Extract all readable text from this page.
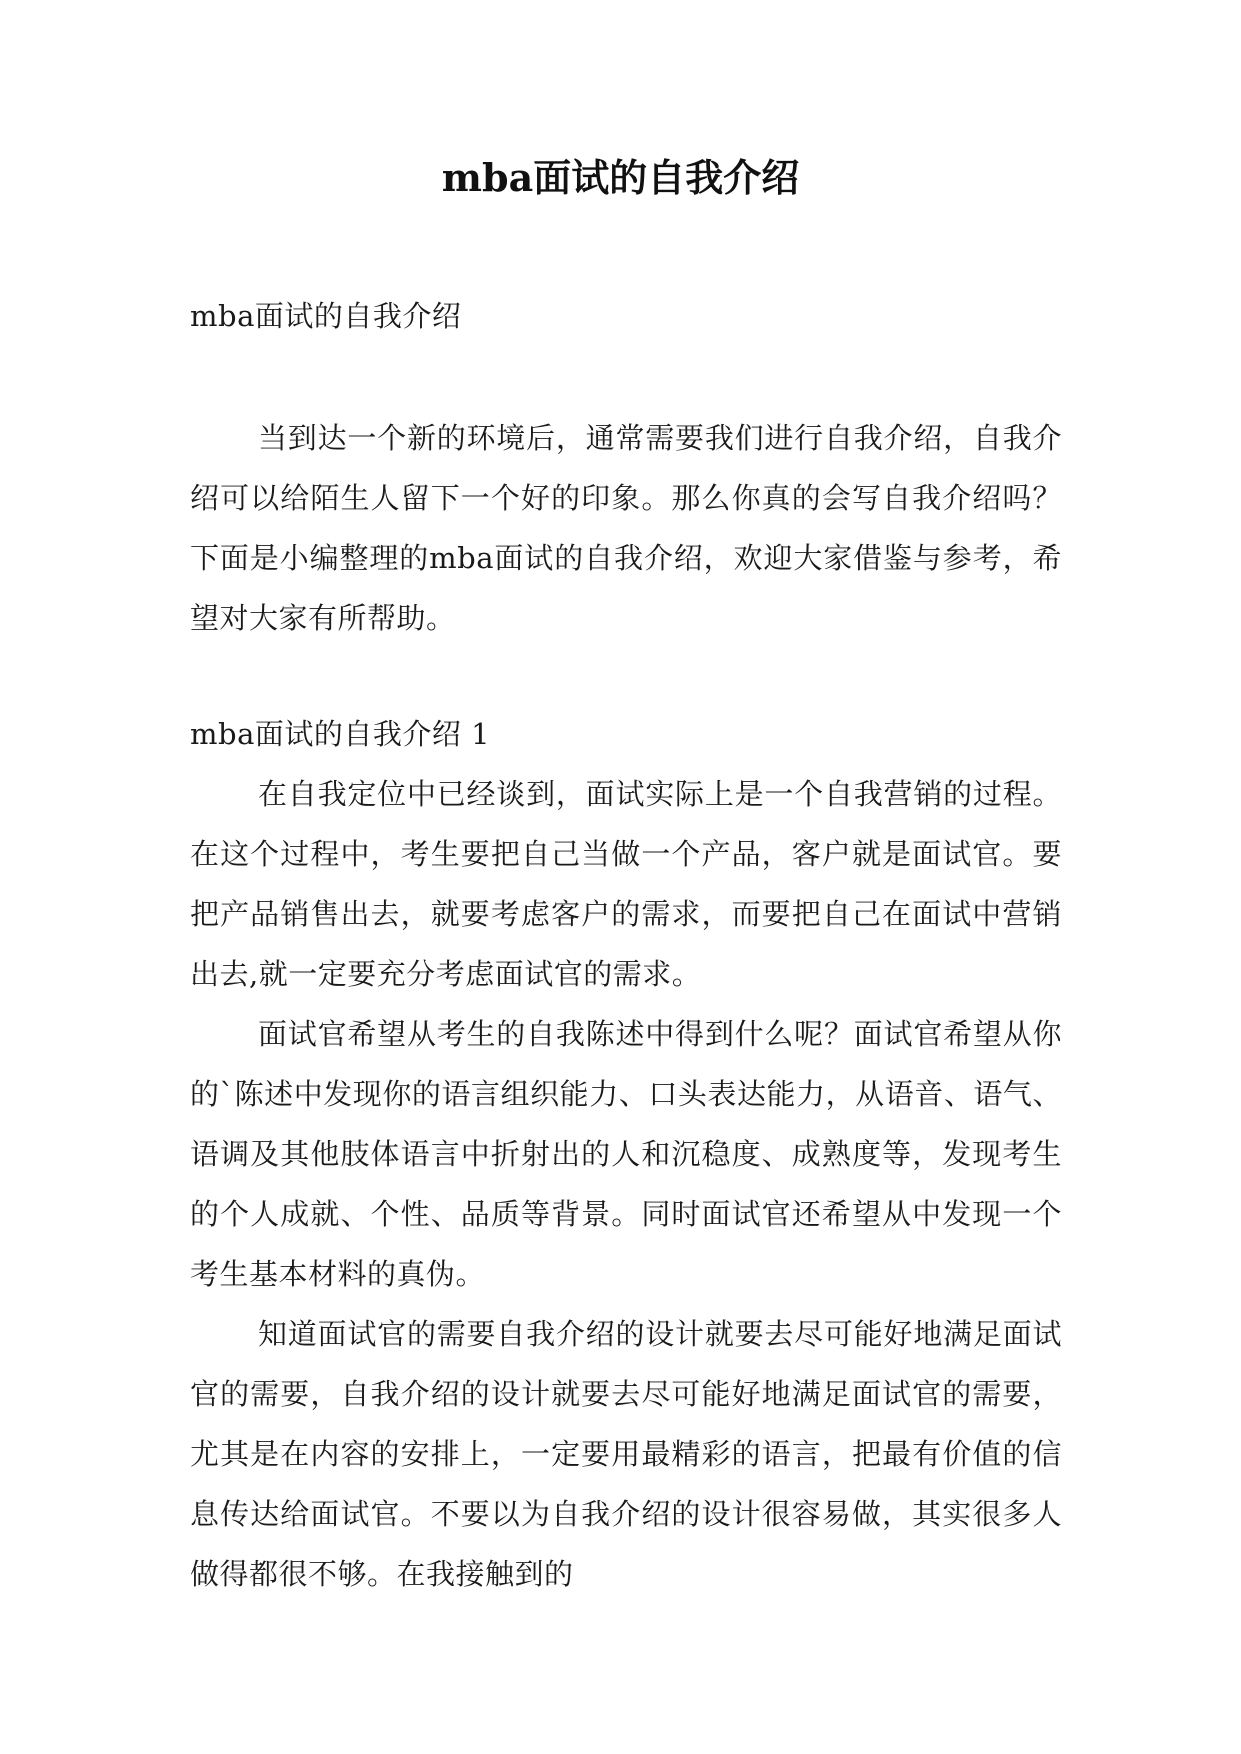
mba面试的自我介绍

mba面试的自我介绍

当到达一个新的环境后，通常需要我们进行自我介绍，自我介绍可以给陌生人留下一个好的印象。那么你真的会写自我介绍吗？下面是小编整理的mba面试的自我介绍，欢迎大家借鉴与参考，希望对大家有所帮助。

mba面试的自我介绍 1

在自我定位中已经谈到，面试实际上是一个自我营销的过程。在这个过程中，考生要把自己当做一个产品，客户就是面试官。要把产品销售出去，就要考虑客户的需求，而要把自己在面试中营销出去,就一定要充分考虑面试官的需求。

面试官希望从考生的自我陈述中得到什么呢？面试官希望从你的`陈述中发现你的语言组织能力、口头表达能力，从语音、语气、语调及其他肢体语言中折射出的人和沉稳度、成熟度等，发现考生的个人成就、个性、品质等背景。同时面试官还希望从中发现一个考生基本材料的真伪。

知道面试官的需要自我介绍的设计就要去尽可能好地满足面试官的需要，自我介绍的设计就要去尽可能好地满足面试官的需要，尤其是在内容的安排上，一定要用最精彩的语言，把最有价值的信息传达给面试官。不要以为自我介绍的设计很容易做，其实很多人做得都很不够。在我接触到的
